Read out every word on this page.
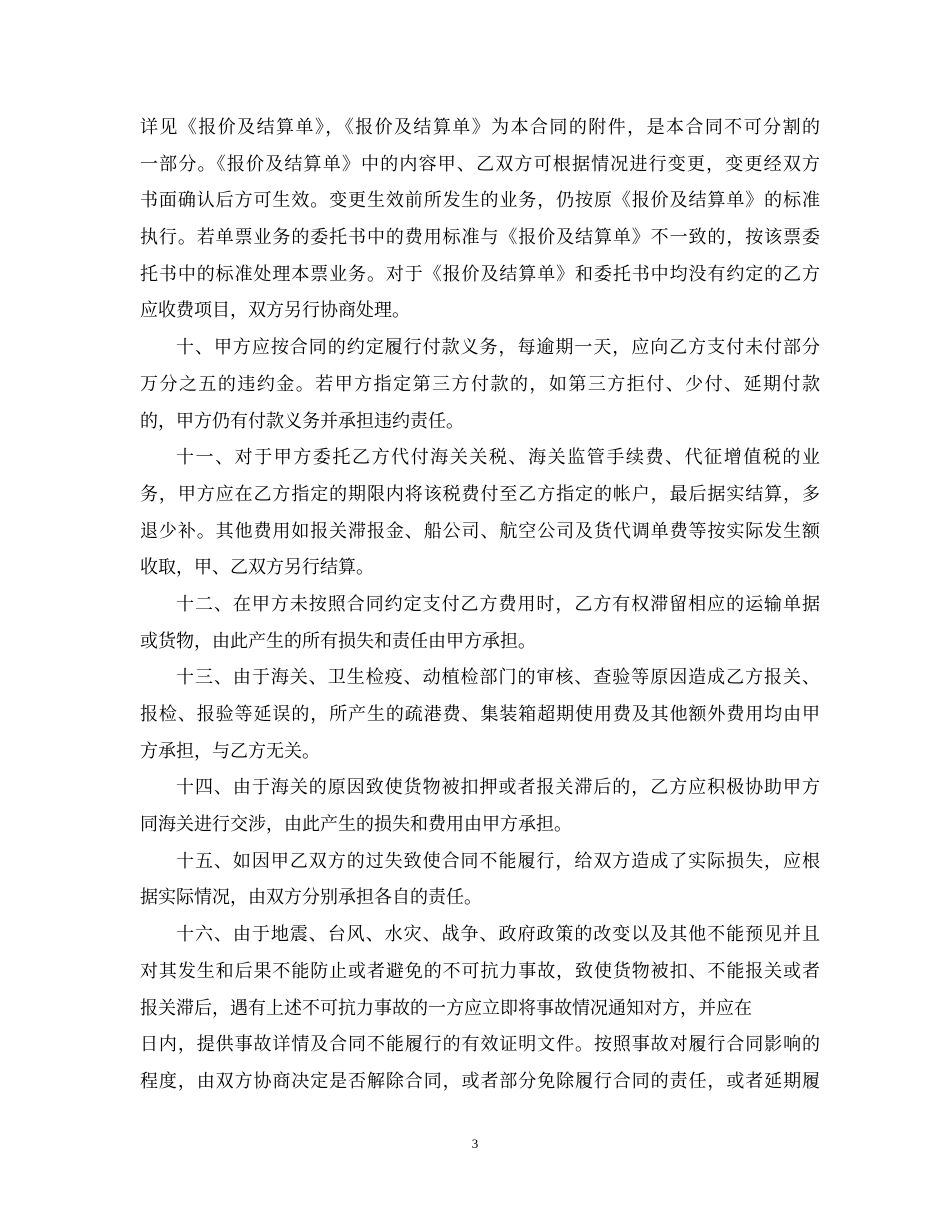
详见《报价及结算单》，《报价及结算单》为本合同的附件，是本合同不可分割的
一部分。《报价及结算单》中的内容甲、乙双方可根据情况进行变更，变更经双方
书面确认后方可生效。变更生效前所发生的业务，仍按原《报价及结算单》的标准
执行。若单票业务的委托书中的费用标准与《报价及结算单》不一致的，按该票委
托书中的标准处理本票业务。对于《报价及结算单》和委托书中均没有约定的乙方
应收费项目，双方另行协商处理。
十、甲方应按合同的约定履行付款义务，每逾期一天，应向乙方支付未付部分
万分之五的违约金。若甲方指定第三方付款的，如第三方拒付、少付、延期付款
的，甲方仍有付款义务并承担违约责任。
十一、对于甲方委托乙方代付海关关税、海关监管手续费、代征增值税的业
务，甲方应在乙方指定的期限内将该税费付至乙方指定的帐户，最后据实结算，多
退少补。其他费用如报关滞报金、船公司、航空公司及货代调单费等按实际发生额
收取，甲、乙双方另行结算。
十二、在甲方未按照合同约定支付乙方费用时，乙方有权滞留相应的运输单据
或货物，由此产生的所有损失和责任由甲方承担。
十三、由于海关、卫生检疫、动植检部门的审核、查验等原因造成乙方报关、
报检、报验等延误的，所产生的疏港费、集装箱超期使用费及其他额外费用均由甲
方承担，与乙方无关。
十四、由于海关的原因致使货物被扣押或者报关滞后的，乙方应积极协助甲方
同海关进行交涉，由此产生的损失和费用由甲方承担。
十五、如因甲乙双方的过失致使合同不能履行，给双方造成了实际损失，应根
据实际情况，由双方分别承担各自的责任。
十六、由于地震、台风、水灾、战争、政府政策的改变以及其他不能预见并且
对其发生和后果不能防止或者避免的不可抗力事故，致使货物被扣、不能报关或者
报关滞后，遇有上述不可抗力事故的一方应立即将事故情况通知对方，并应在
日内，提供事故详情及合同不能履行的有效证明文件。按照事故对履行合同影响的
程度，由双方协商决定是否解除合同，或者部分免除履行合同的责任，或者延期履
3
